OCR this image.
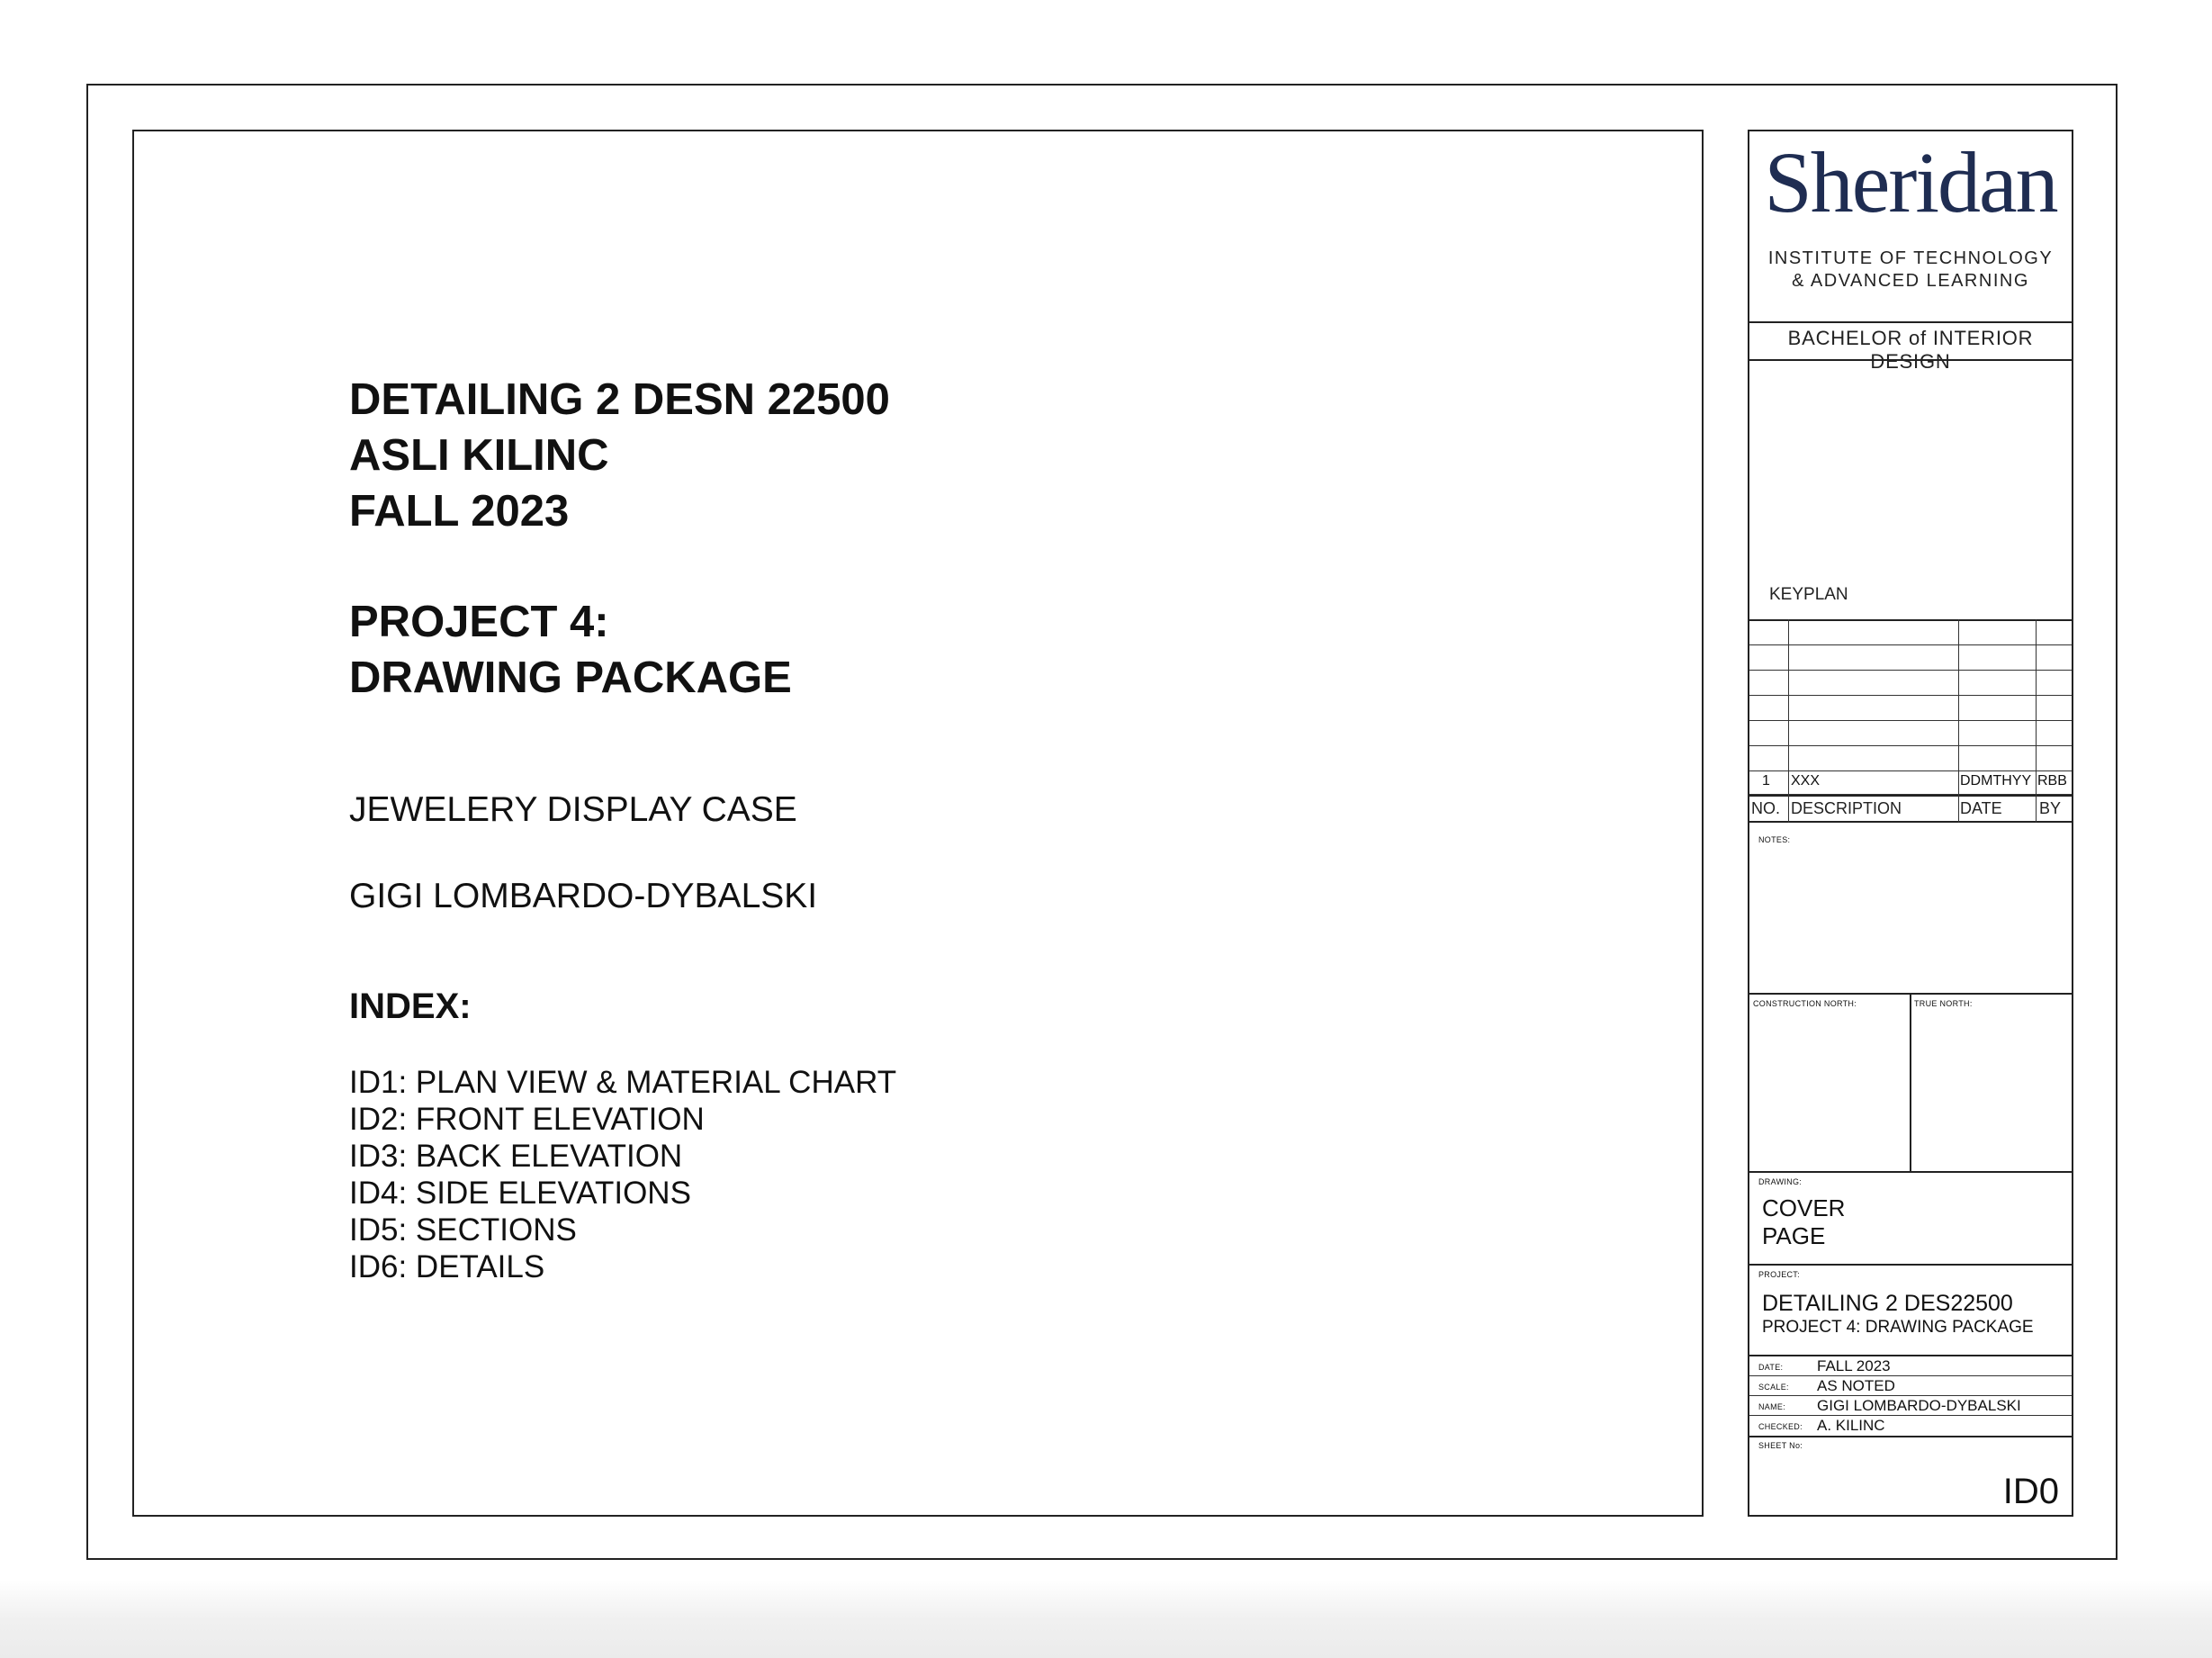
DETAILING 2 DESN 22500
ASLI KILINC
FALL 2023
PROJECT 4:
DRAWING PACKAGE
JEWELERY DISPLAY CASE
GIGI LOMBARDO-DYBALSKI
INDEX:
ID1: PLAN VIEW & MATERIAL CHART
ID2: FRONT ELEVATION
ID3: BACK ELEVATION
ID4: SIDE ELEVATIONS
ID5: SECTIONS
ID6: DETAILS
Sheridan
INSTITUTE OF TECHNOLOGY
& ADVANCED LEARNING
BACHELOR of INTERIOR DESIGN
KEYPLAN
1 XXX	DDMTHYY RBB
NO. DESCRIPTION	DATE BY
NOTES:
CONSTRUCTION NORTH:	TRUE NORTH:
DRAWING:
COVER
PAGE
PROJECT:
DETAILING 2 DES22500
PROJECT 4: DRAWING PACKAGE
DATE: FALL 2023
SCALE: AS NOTED
NAME: GIGI LOMBARDO-DYBALSKI
CHECKED: A. KILINC
SHEET No:
ID0
